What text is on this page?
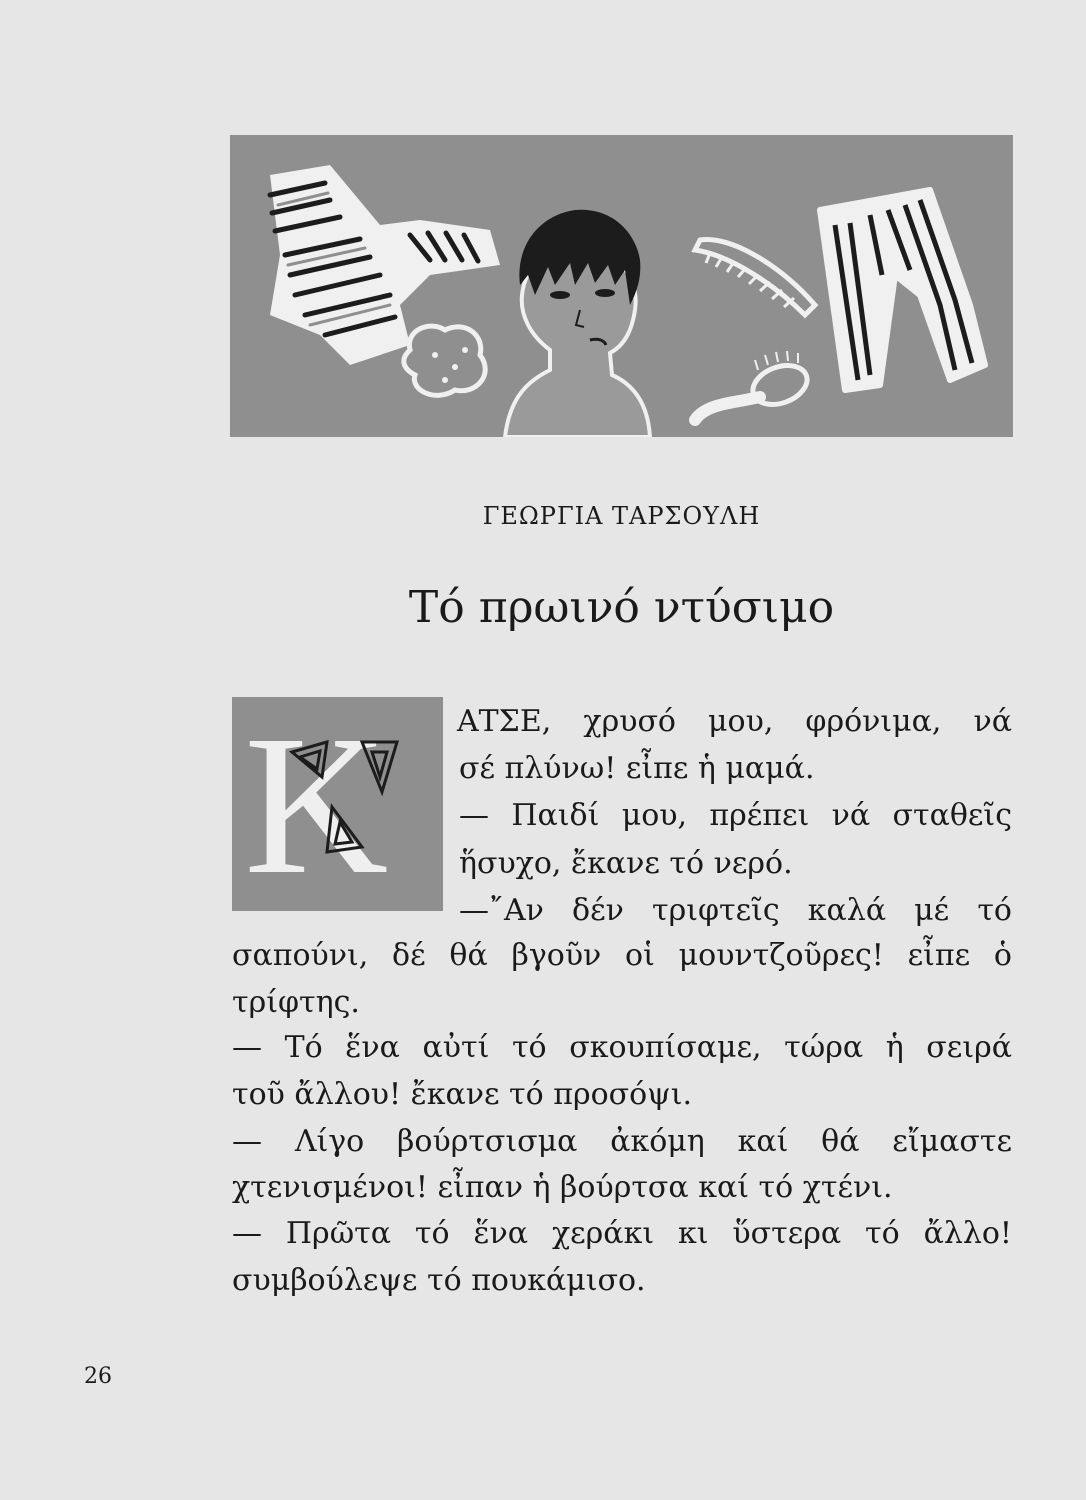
ΓΕΩΡΓΙΑ ΤΑΡΣΟΥΛΗ
Τό πρωινό ντύσιμο
K ΑΤΣΕ, χρυσό μου, φρόνιμα, νά
σέ πλύνω! εἶπε ἡ μαμά.
— Παιδί μου, πρέπει νά σταθεῖς
ἥσυχο, ἔκανε τό νερό.
—῎Αν δέν τριφτεῖς καλά μέ τό
σαπούνι, δέ θά βγοῦν οἱ μουντζοῦρες! εἶπε ὁ
τρίφτης.
— Τό ἕνα αὐτί τό σκουπίσαμε, τώρα ἡ σειρά
τοῦ ἄλλου! ἔκανε τό προσόψι.
— Λίγο βούρτσισμα ἀκόμη καί θά εἴμαστε
χτενισμένοι! εἶπαν ἡ βούρτσα καί τό χτένι.
— Πρῶτα τό ἕνα χεράκι κι ὕστερα τό ἄλλο!
συμβούλεψε τό πουκάμισο.
26
